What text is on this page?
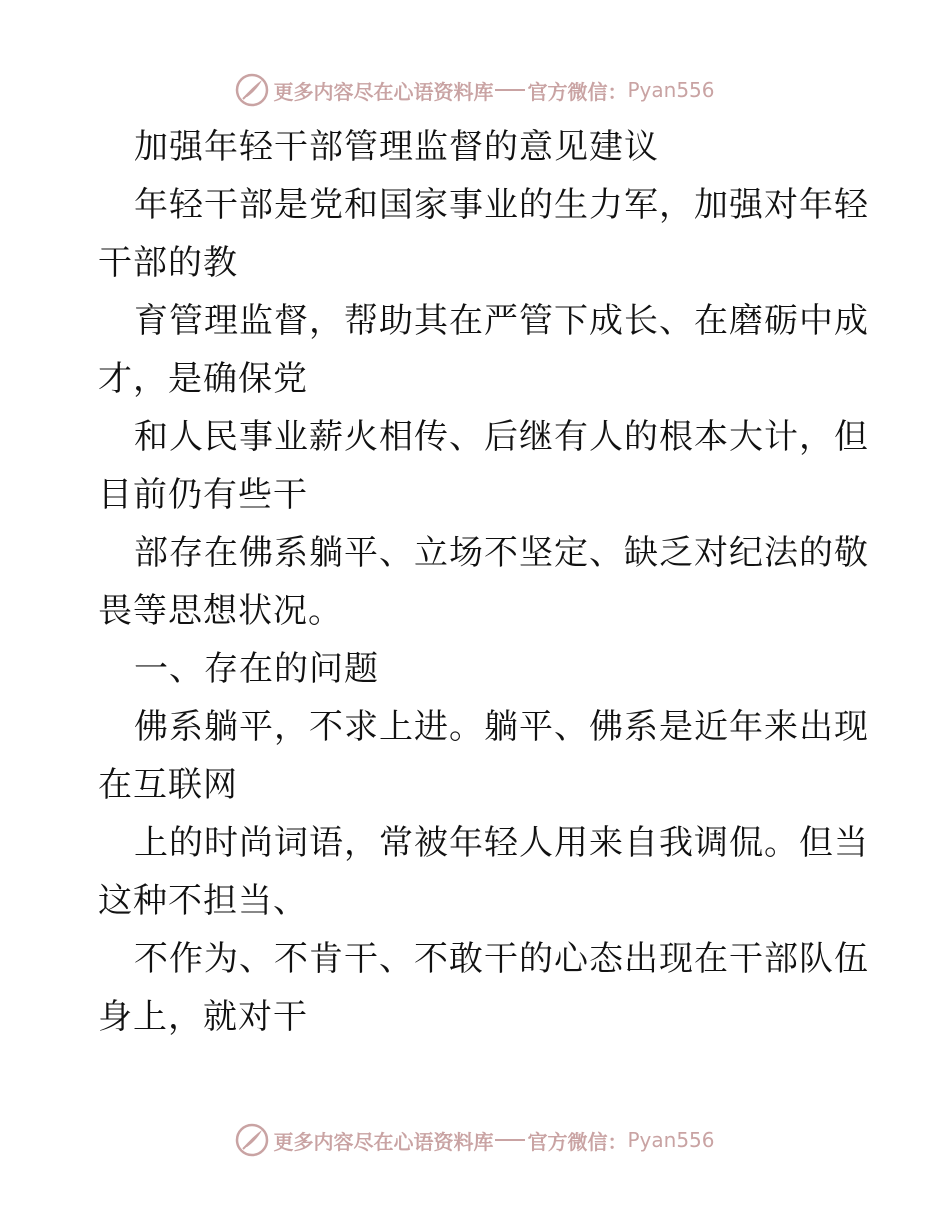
更多内容尽在心语资料库 官方微信： Pyan556
加强年轻干部管理监督的意见建议
年轻干部是党和国家事业的生力军，加强对年轻
干部的教
育管理监督，帮助其在严管下成长、在磨砺中成
才，是确保党
和人民事业薪火相传、后继有人的根本大计，但
目前仍有些干
部存在佛系躺平、立场不坚定、缺乏对纪法的敬
畏等思想状况。
一、存在的问题
佛系躺平，不求上进。躺平、佛系是近年来出现
在互联网
上的时尚词语，常被年轻人用来自我调侃。但当
这种不担当、
不作为、不肯干、不敢干的心态出现在干部队伍
身上，就对干
更多内容尽在心语资料库 官方微信： Pyan556
